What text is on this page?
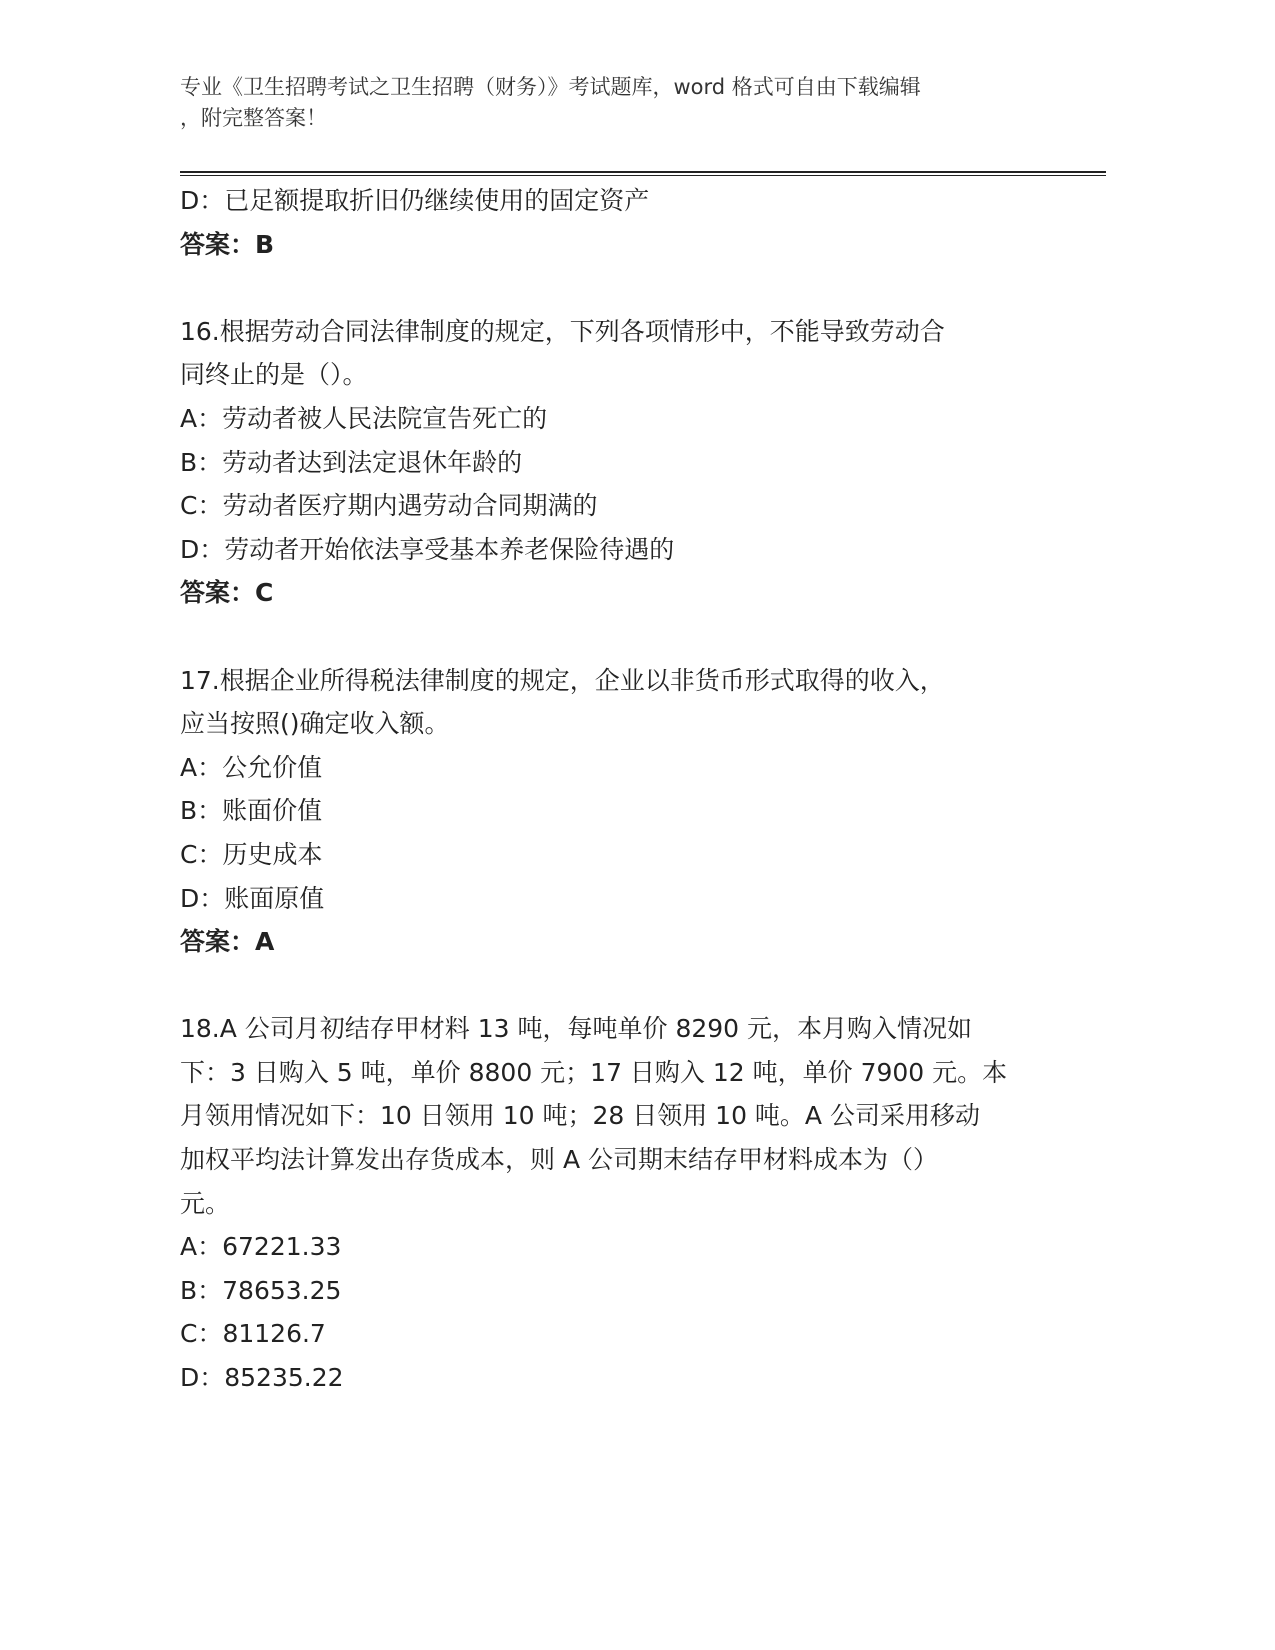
专业《卫生招聘考试之卫生招聘（财务）》考试题库，word 格式可自由下载编辑
，附完整答案！
D：已足额提取折旧仍继续使用的固定资产
答案：B
16.根据劳动合同法律制度的规定，下列各项情形中，不能导致劳动合
同终止的是（）。
A：劳动者被人民法院宣告死亡的
B：劳动者达到法定退休年龄的
C：劳动者医疗期内遇劳动合同期满的
D：劳动者开始依法享受基本养老保险待遇的
答案：C
17.根据企业所得税法律制度的规定，企业以非货币形式取得的收入，
应当按照()确定收入额。
A：公允价值
B：账面价值
C：历史成本
D：账面原值
答案：A
18.A 公司月初结存甲材料 13 吨，每吨单价 8290 元，本月购入情况如
下：3 日购入 5 吨，单价 8800 元；17 日购入 12 吨，单价 7900 元。本
月领用情况如下：10 日领用 10 吨；28 日领用 10 吨。A 公司采用移动
加权平均法计算发出存货成本，则 A 公司期末结存甲材料成本为（）
元。
A：67221.33
B：78653.25
C：81126.7
D：85235.22
